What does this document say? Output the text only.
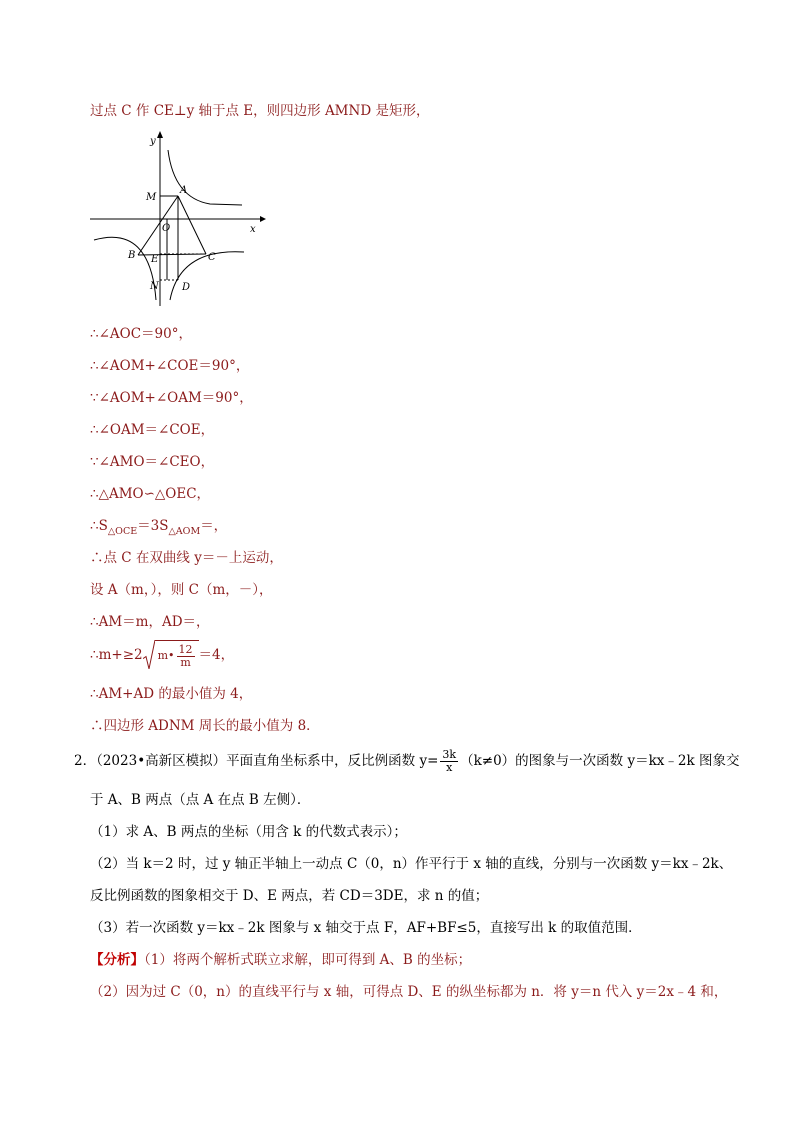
过点 C 作 CE⊥y 轴于点 E，则四边形 AMND 是矩形，
y
x
M
A
O
B E	C
N D
∴∠AOC＝90°，
∴∠AOM+∠COE＝90°，
∵∠AOM+∠OAM＝90°，
∴∠OAM＝∠COE，
∵∠AMO＝∠CEO，
∴△AMO∽△OEC，
$\therefore S_{\triangle OCE}=3S_{\triangle AOM}=$，
∴点 C 在双曲线 y＝－上运动，
设 A（m，），则 C（m，－），
∴AM＝m，AD＝，
∴m+≥2 m• $\frac{12}{m} =4$，
∴AM+AD 的最小值为 4，
∴四边形 ADNM 周长的最小值为 8．
2．（2023•高新区模拟）平面直角坐标系中，反比例函数 $y= \frac{3k}{x} (k\ne 0)$的图象与一次函数 y＝kx﹣2k 图象交
于 A、B 两点（点 A 在点 B 左侧）．
（1）求 A、B 两点的坐标（用含 k 的代数式表示）；
（2）当 k＝2 时，过 y 轴正半轴上一动点 C（0，n）作平行于 x 轴的直线，分别与一次函数 y＝kx﹣2k、
反比例函数的图象相交于 D、E 两点，若 CD＝3DE，求 n 的值；
（3）若一次函数 y＝kx﹣2k 图象与 x 轴交于点 F，AF+BF≤5，直接写出 k 的取值范围．
【分析】（1）将两个解析式联立求解，即可得到 A、B 的坐标；
（2）因为过 C（0，n）的直线平行与 x 轴，可得点 D、E 的纵坐标都为 n．将 y＝n 代入 y＝2x﹣4 和，
